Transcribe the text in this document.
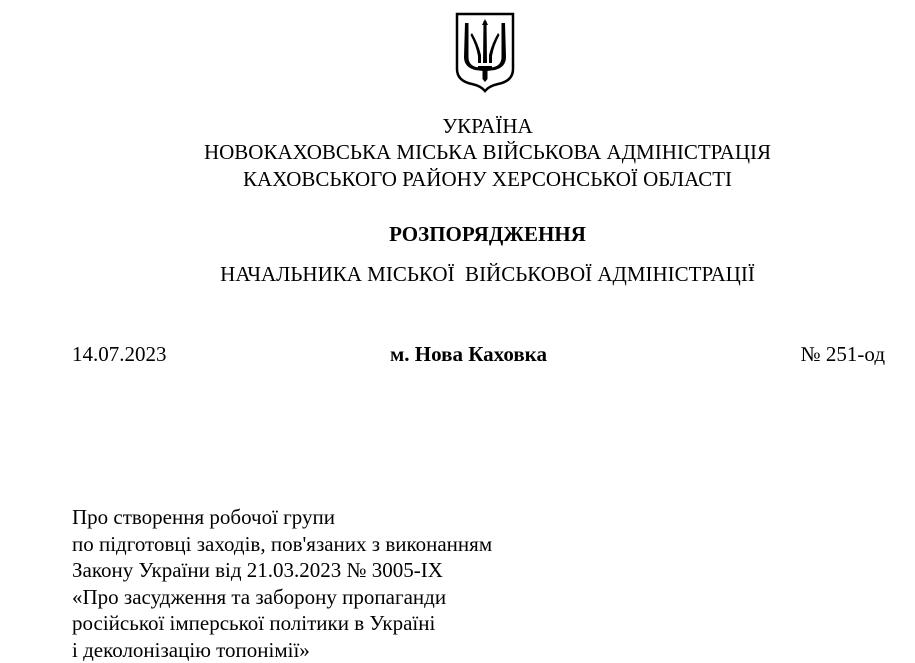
УКРАЇНА
НОВОКАХОВСЬКА МІСЬКА ВІЙСЬКОВА АДМІНІСТРАЦІЯ
КАХОВСЬКОГО РАЙОНУ ХЕРСОНСЬКОЇ ОБЛАСТІ
РОЗПОРЯДЖЕННЯ
НАЧАЛЬНИКА МІСЬКОЇ  ВІЙСЬКОВОЇ АДМІНІСТРАЦІЇ
14.07.2023	м. Нова Каховка	№ 251-од
Про створення робочої групи
по підготовці заходів, пов'язаних з виконанням
Закону України від 21.03.2023 № 3005-ІХ
«Про засудження та заборону пропаганди
російської імперської політики в Україні
і деколонізацію топонімії»
